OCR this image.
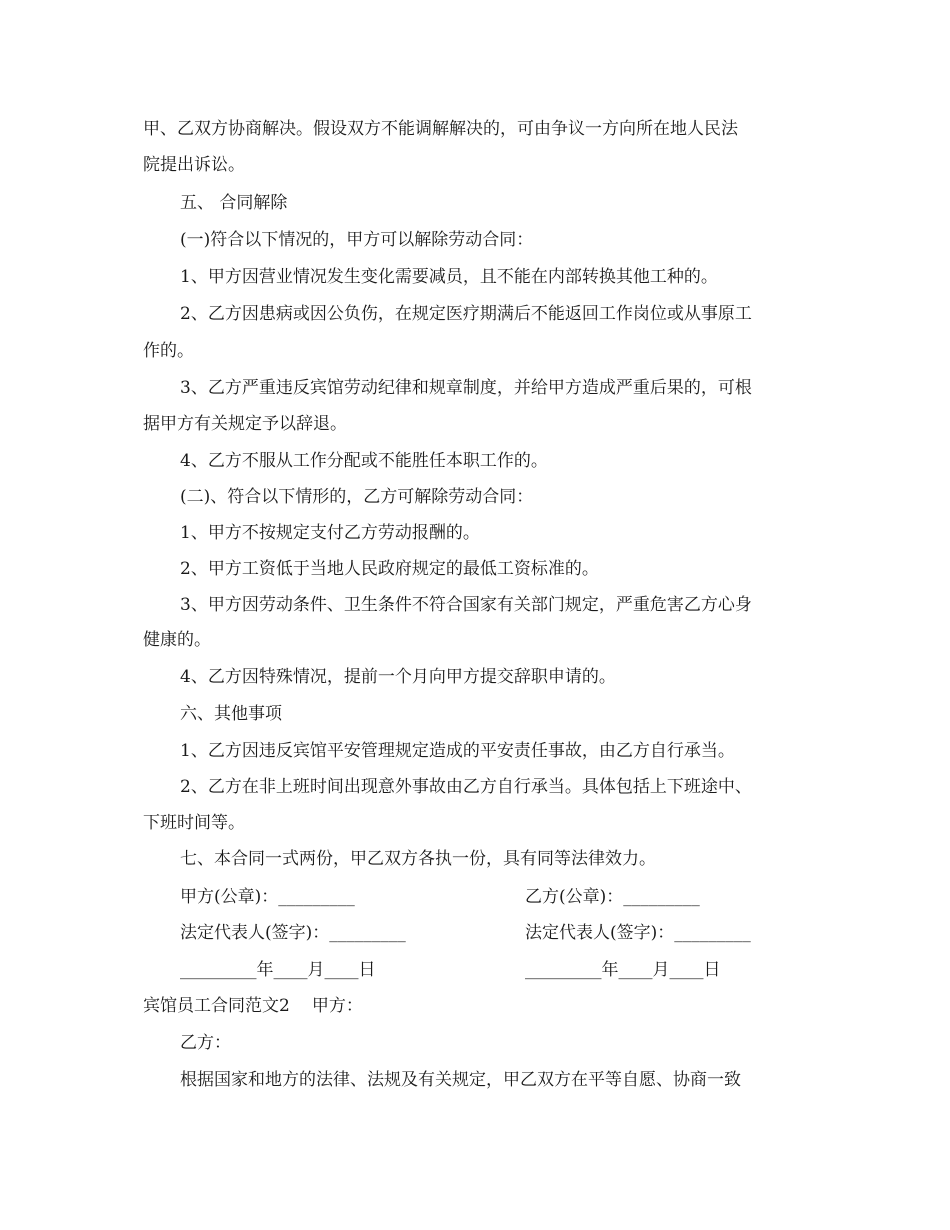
甲、乙双方协商解决。假设双方不能调解解决的，可由争议一方向所在地人民法
院提出诉讼。
五、 合同解除
(一)符合以下情况的，甲方可以解除劳动合同：
1、甲方因营业情况发生变化需要减员，且不能在内部转换其他工种的。
2、乙方因患病或因公负伤，在规定医疗期满后不能返回工作岗位或从事原工
作的。
3、乙方严重违反宾馆劳动纪律和规章制度，并给甲方造成严重后果的，可根
据甲方有关规定予以辞退。
4、乙方不服从工作分配或不能胜任本职工作的。
(二)、符合以下情形的，乙方可解除劳动合同：
1、甲方不按规定支付乙方劳动报酬的。
2、甲方工资低于当地人民政府规定的最低工资标准的。
3、甲方因劳动条件、卫生条件不符合国家有关部门规定，严重危害乙方心身
健康的。
4、乙方因特殊情况，提前一个月向甲方提交辞职申请的。
六、其他事项
1、乙方因违反宾馆平安管理规定造成的平安责任事故，由乙方自行承当。
2、乙方在非上班时间出现意外事故由乙方自行承当。具体包括上下班途中、
下班时间等。
七、本合同一式两份，甲乙双方各执一份，具有同等法律效力。
甲方(公章)：_________	乙方(公章)：_________
法定代表人(签字)：_________	法定代表人(签字)：_________
_________年____月____日	_________年____月____日
宾馆员工合同范文2 甲方：
乙方：
根据国家和地方的法律、法规及有关规定，甲乙双方在平等自愿、协商一致
